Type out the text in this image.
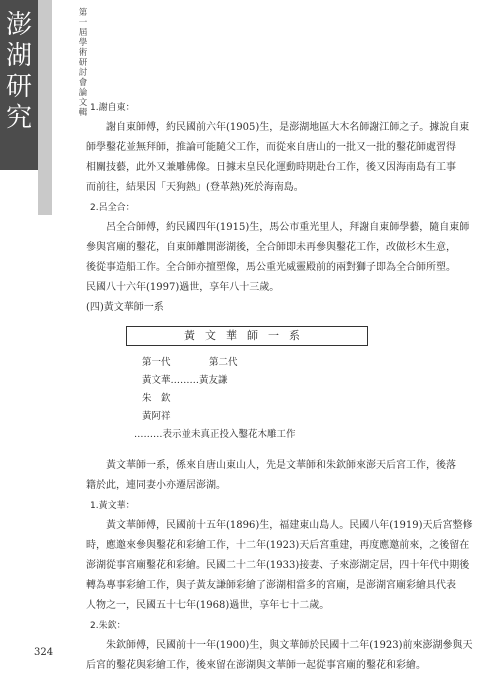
澎湖研究
第一屆學術研討會論文輯 1.謝自東：
謝自東師傅，約民國前六年(1905)生，是澎湖地區大木名師謝江師之子。據說自東
師學鑿花並無拜師，推論可能隨父工作，而從來自唐山的一批又一批的鑿花師處習得
相關技藝，此外又兼雕佛像。日據末皇民化運動時期赴台工作，後又因海南島有工事
而前往，結果因「天狗熱」(登革熱)死於海南島。
2.呂全合：
呂全合師傅，約民國四年(1915)生，馬公市重光里人，拜謝自東師學藝，隨自東師
參與宮廟的鑿花，自東師離開澎湖後，全合師即未再參與鑿花工作，改做杉木生意，
後從事造船工作。全合師亦擅塑像，馬公重光威靈殿前的兩對獅子即為全合師所塑。
民國八十六年(1997)過世，享年八十三歲。
(四)黃文華師一系
黃文華師一系
第一代	第二代
黃文華………黃友謙
朱　欽
黃阿祥
………表示並未真正投入鑿花木雕工作
黃文華師一系，係來自唐山東山人，先是文華師和朱欽師來澎天后宮工作，後落
籍於此，連同妻小亦遷居澎湖。
1.黃文華：
黃文華師傅，民國前十五年(1896)生，福建東山島人。民國八年(1919)天后宮整修
時，應邀來參與鑿花和彩繪工作，十二年(1923)天后宮重建，再度應邀前來，之後留在
澎湖從事宮廟鑿花和彩繪。民國二十二年(1933)接妻、子來澎湖定居，四十年代中期後
轉為專事彩繪工作，與子黃友謙師彩繪了澎湖相當多的宮廟，是澎湖宮廟彩繪具代表
人物之一，民國五十七年(1968)過世，享年七十二歲。
2.朱欽：
朱欽師傅，民國前十一年(1900)生，與文華師於民國十二年(1923)前來澎湖參與天
后宮的鑿花與彩繪工作，後來留在澎湖與文華師一起從事宮廟的鑿花和彩繪。
324
